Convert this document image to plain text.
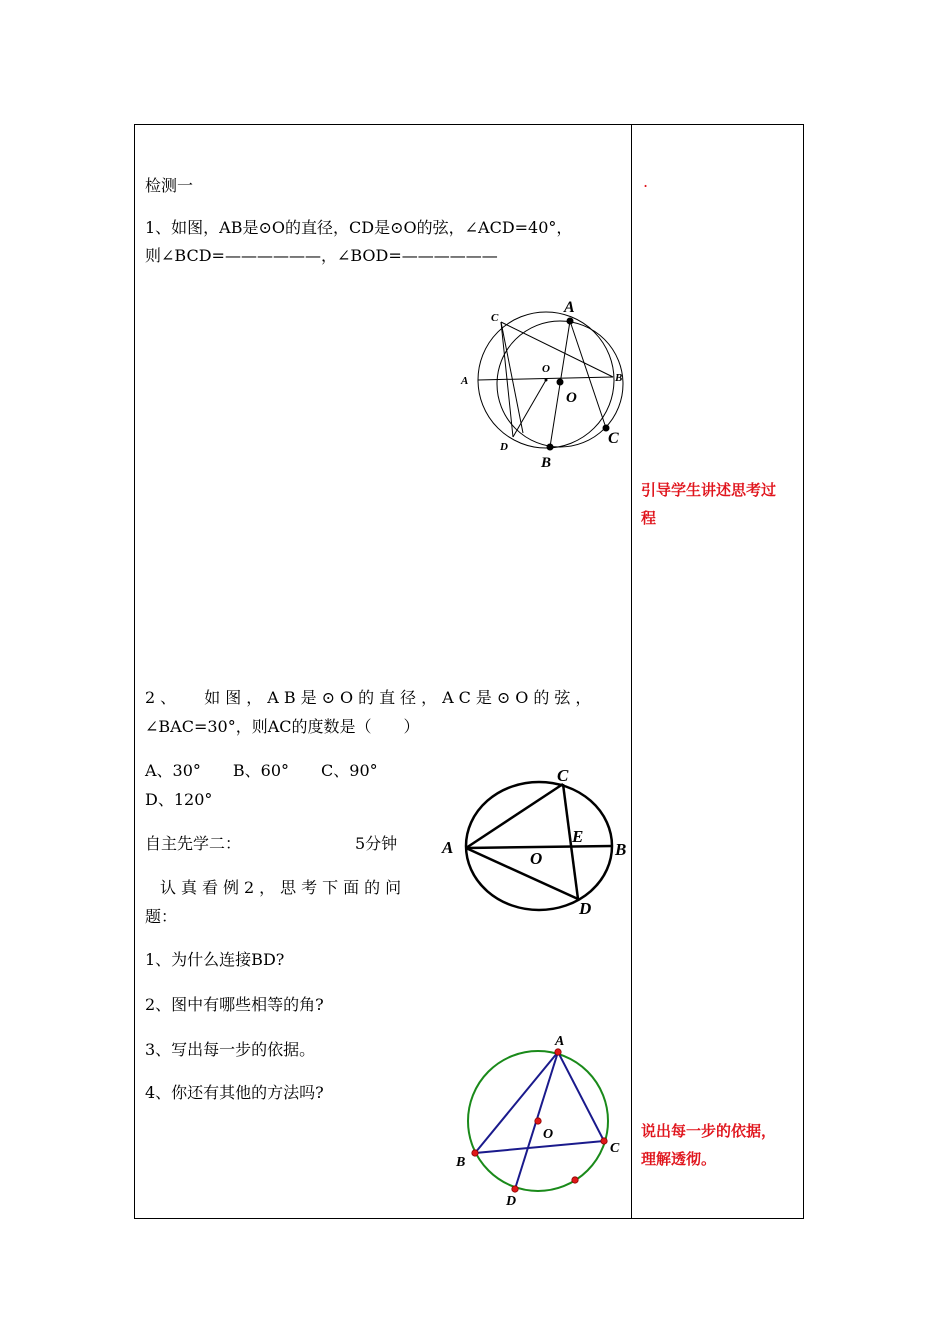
检测一
1、如图，AB是⊙O的直径，CD是⊙O的弦，∠ACD=40°，
则∠BCD=——————，∠BOD=——————
C
A	B
O
D
A
O
C
B
2、　 如图，AB是⊙O的直径，AC是⊙O的弦，
∠BAC=30°，则AC的度数是（　　）
A、30°　　B、60°　　C、90°
D、120°
C
A	B
E
O
D
自主先学二：	5分钟
认真看例2，思考下面的问
题：
1、为什么连接BD?
2、图中有哪些相等的角?
3、写出每一步的依据。
4、你还有其他的方法吗?
A
B
C
D
O
.
引导学生讲述思考过
程
说出每一步的依据，
理解透彻。
